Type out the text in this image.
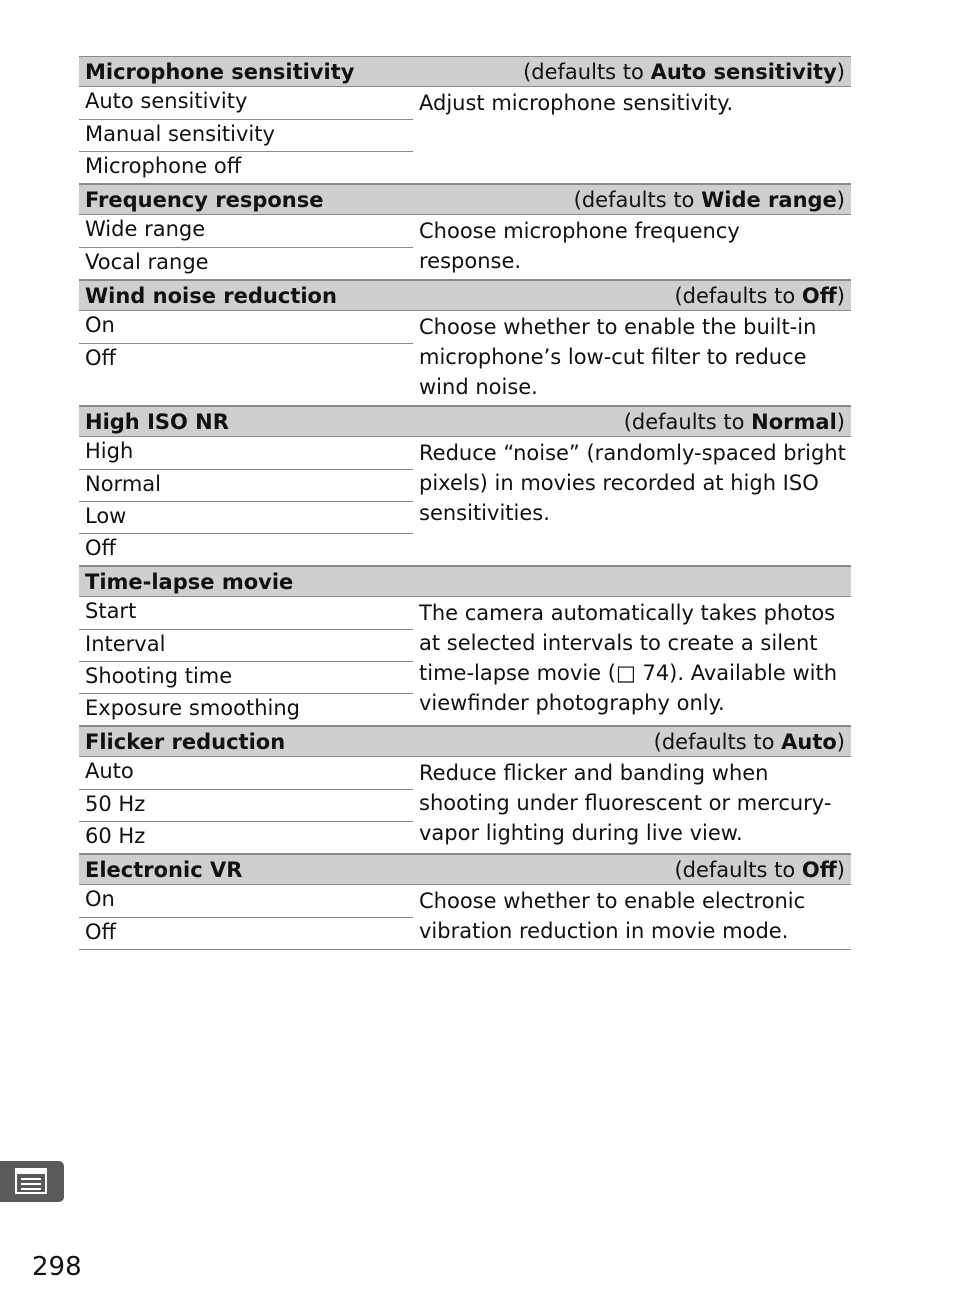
Microphone sensitivity	(defaults to Auto sensitivity)
Auto sensitivity
Manual sensitivity
Microphone off
Adjust microphone sensitivity.
Frequency response	(defaults to Wide range)
Wide range
Vocal range
Choose microphone frequency
response.
Wind noise reduction	(defaults to Off)
On
Off
Choose whether to enable the built-in
microphone’s low-cut filter to reduce
wind noise.
High ISO NR	(defaults to Normal)
High
Normal
Low
Off
Reduce “noise” (randomly-spaced bright
pixels) in movies recorded at high ISO
sensitivities.
Time-lapse movie
Start
Interval
Shooting time
Exposure smoothing
The camera automatically takes photos
at selected intervals to create a silent
time-lapse movie (□ 74). Available with
viewfinder photography only.
Flicker reduction	(defaults to Auto)
Auto
50 Hz
60 Hz
Reduce flicker and banding when
shooting under fluorescent or mercury-
vapor lighting during live view.
Electronic VR	(defaults to Off)
On
Off
Choose whether to enable electronic
vibration reduction in movie mode.
298
